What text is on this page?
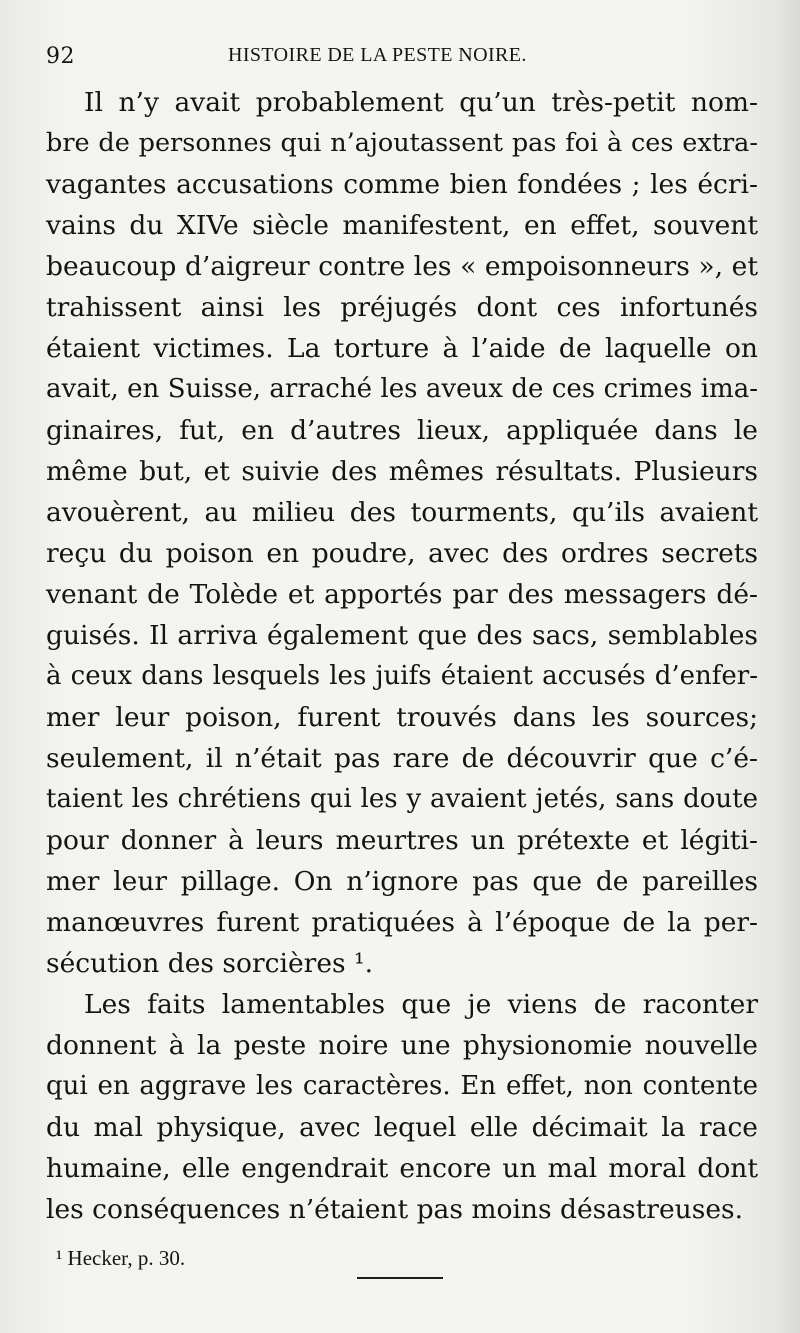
92	HISTOIRE DE LA PESTE NOIRE.
Il n’y avait probablement qu’un très-petit nom-
bre de personnes qui n’ajoutassent pas foi à ces extra-
vagantes accusations comme bien fondées ; les écri-
vains du XIVe siècle manifestent, en effet, souvent
beaucoup d’aigreur contre les « empoisonneurs », et
trahissent ainsi les préjugés dont ces infortunés
étaient victimes. La torture à l’aide de laquelle on
avait, en Suisse, arraché les aveux de ces crimes ima-
ginaires, fut, en d’autres lieux, appliquée dans le
même but, et suivie des mêmes résultats. Plusieurs
avouèrent, au milieu des tourments, qu’ils avaient
reçu du poison en poudre, avec des ordres secrets
venant de Tolède et apportés par des messagers dé-
guisés. Il arriva également que des sacs, semblables
à ceux dans lesquels les juifs étaient accusés d’enfer-
mer leur poison, furent trouvés dans les sources;
seulement, il n’était pas rare de découvrir que c’é-
taient les chrétiens qui les y avaient jetés, sans doute
pour donner à leurs meurtres un prétexte et légiti-
mer leur pillage. On n’ignore pas que de pareilles
manœuvres furent pratiquées à l’époque de la per-
sécution des sorcières ¹.
Les faits lamentables que je viens de raconter
donnent à la peste noire une physionomie nouvelle
qui en aggrave les caractères. En effet, non contente
du mal physique, avec lequel elle décimait la race
humaine, elle engendrait encore un mal moral dont
les conséquences n’étaient pas moins désastreuses.
¹ Hecker, p. 30.
